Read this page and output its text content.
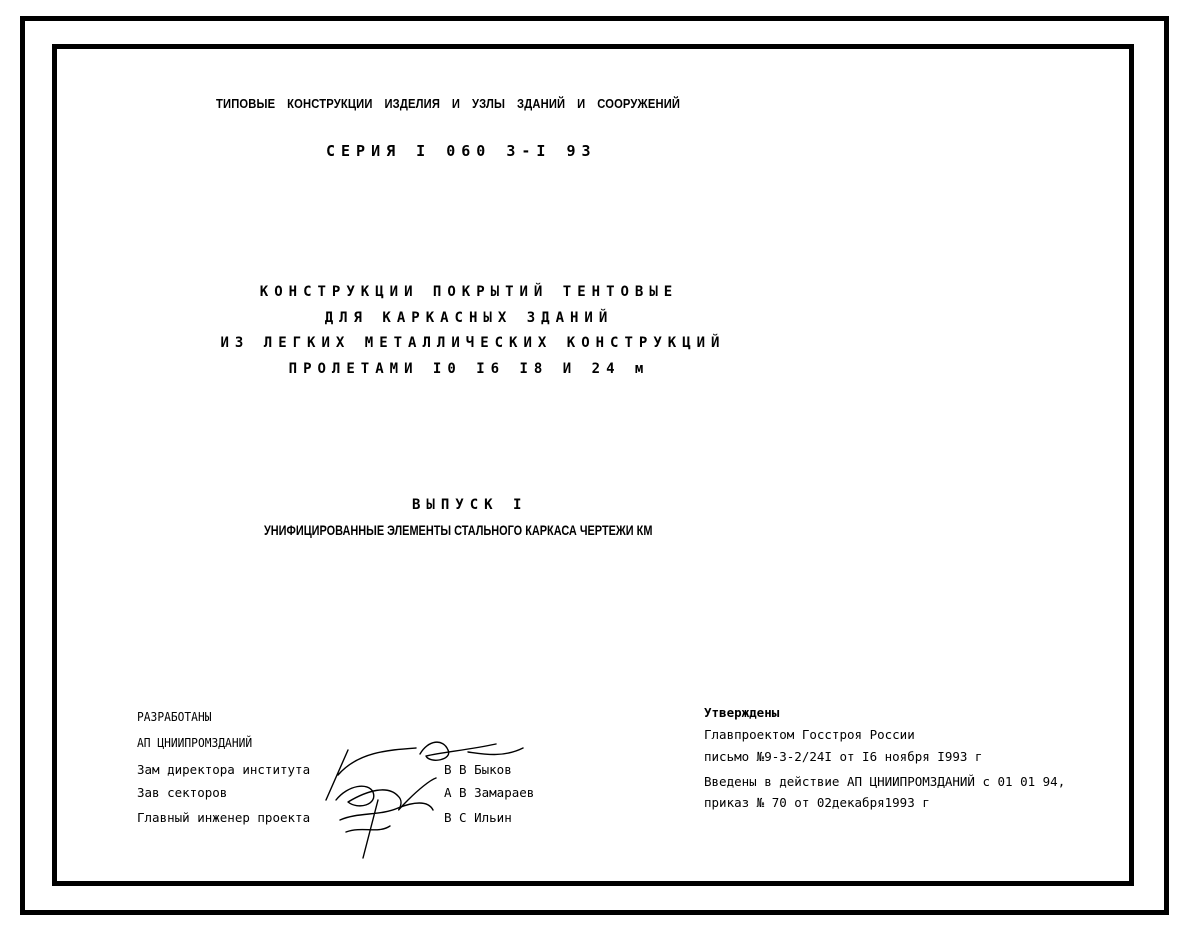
ТИПОВЫЕ КОНСТРУКЦИИ ИЗДЕЛИЯ И УЗЛЫ ЗДАНИЙ И СООРУЖЕНИЙ
СЕРИЯ I 060 3-I 93
КОНСТРУКЦИИ ПОКРЫТИЙ ТЕНТОВЫЕ
ДЛЯ КАРКАСНЫХ ЗДАНИЙ
ИЗ ЛЕГКИХ МЕТАЛЛИЧЕСКИХ КОНСТРУКЦИЙ
ПРОЛЕТАМИ I0 I6 I8 И 24 м
ВЫПУСК I
УНИФИЦИРОВАННЫЕ ЭЛЕМЕНТЫ СТАЛЬНОГО КАРКАСА ЧЕРТЕЖИ КМ
РАЗРАБОТАНЫ
АП ЦНИИПРОМЗДАНИЙ
Зам директора института
Зав секторов
Главный инженер проекта
В В Быков
А В Замараев
В С Ильин
Утверждены
Главпроектом Госстроя России
письмо №9-3-2/24I от I6 ноября I993 г
Введены в действие АП ЦНИИПРОМЗДАНИЙ с 01 01 94,
приказ № 70 от 02декабря1993 г
